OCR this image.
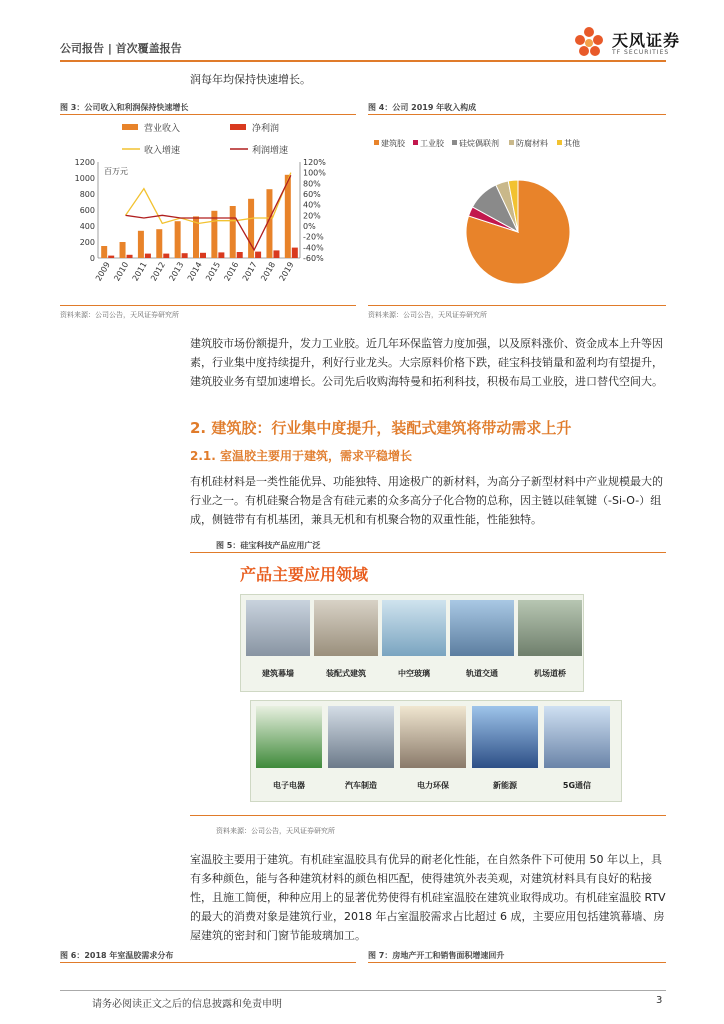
公司报告 | 首次覆盖报告	天风证券
TF SECURITIES
润每年均保持快速增长。
图 3：公司收入和利润保持快速增长
营业收入	净利润
收入增速	利润增速
百万元
0
200
400
600
800
1000
1200
-60%
-40%
-20%
0%
20%
40%
60%
80%
100%
120%
2009 2010 2011 2012 2013 2014 2015 2016 2017 2018 2019
资料来源：公司公告，天风证券研究所
图 4：公司 2019 年收入构成
建筑胶 工业胶 硅烷偶联剂 防腐材料 其他
资料来源：公司公告，天风证券研究所
建筑胶市场份额提升，发力工业胶。近几年环保监管力度加强，以及原料涨价、资金成本上升等因素，行业集中度持续提升，利好行业龙头。大宗原料价格下跌，硅宝科技销量和盈利均有望提升，建筑胶业务有望加速增长。公司先后收购海特曼和拓利科技，积极布局工业胶，进口替代空间大。
2. 建筑胶：行业集中度提升，装配式建筑将带动需求上升
2.1. 室温胶主要用于建筑，需求平稳增长
有机硅材料是一类性能优异、功能独特、用途极广的新材料，为高分子新型材料中产业规模最大的行业之一。有机硅聚合物是含有硅元素的众多高分子化合物的总称，因主链以硅氧键（-Si-O-）组成，侧链带有有机基团，兼具无机和有机聚合物的双重性能，性能独特。
图 5：硅宝科技产品应用广泛
产品主要应用领域
建筑幕墙	装配式建筑	中空玻璃	轨道交通	机场道桥
电子电器	汽车制造	电力环保	新能源	5G通信
资料来源：公司公告，天风证券研究所
室温胶主要用于建筑。有机硅室温胶具有优异的耐老化性能，在自然条件下可使用 50 年以上，具有多种颜色，能与各种建筑材料的颜色相匹配，使得建筑外表美观，对建筑材料具有良好的粘接性，且施工简便，种种应用上的显著优势使得有机硅室温胶在建筑业取得成功。有机硅室温胶 RTV 的最大的消费对象是建筑行业，2018 年占室温胶需求占比超过 6 成，主要应用包括建筑幕墙、房屋建筑的密封和门窗节能玻璃加工。
图 6：2018 年室温胶需求分布	图 7：房地产开工和销售面积增速回升
请务必阅读正文之后的信息披露和免责申明	3
